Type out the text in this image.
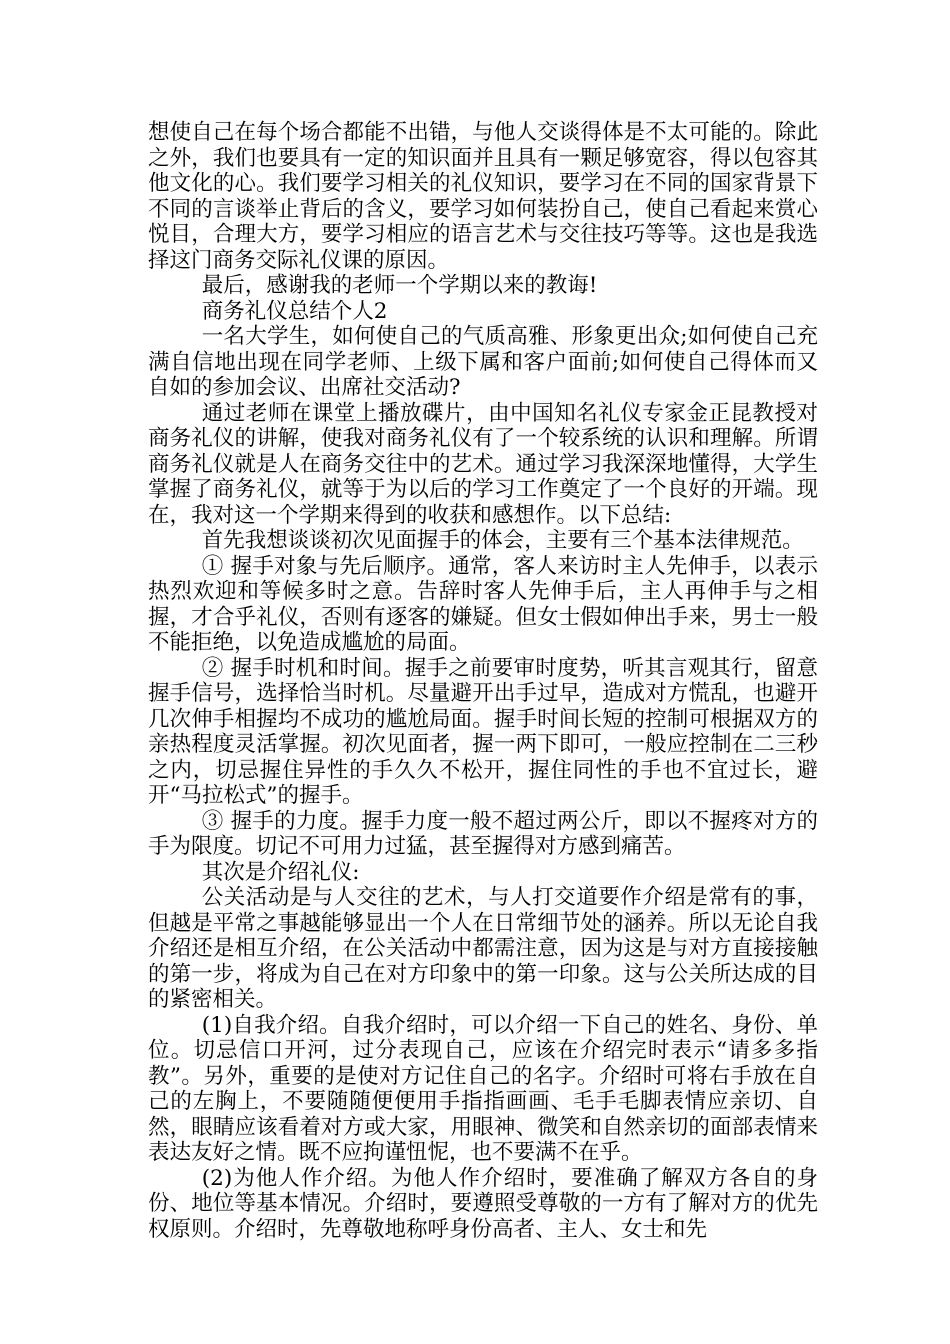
想使自己在每个场合都能不出错，与他人交谈得体是不太可能的。除此之外，我们也要具有一定的知识面并且具有一颗足够宽容，得以包容其他文化的心。我们要学习相关的礼仪知识，要学习在不同的国家背景下不同的言谈举止背后的含义，要学习如何装扮自己，使自己看起来赏心悦目，合理大方，要学习相应的语言艺术与交往技巧等等。这也是我选择这门商务交际礼仪课的原因。

最后，感谢我的老师一个学期以来的教诲!

商务礼仪总结个人2

一名大学生，如何使自己的气质高雅、形象更出众;如何使自己充满自信地出现在同学老师、上级下属和客户面前;如何使自己得体而又自如的参加会议、出席社交活动?

通过老师在课堂上播放碟片，由中国知名礼仪专家金正昆教授对商务礼仪的讲解，使我对商务礼仪有了一个较系统的认识和理解。所谓商务礼仪就是人在商务交往中的艺术。通过学习我深深地懂得，大学生掌握了商务礼仪，就等于为以后的学习工作奠定了一个良好的开端。现在，我对这一个学期来得到的收获和感想作。以下总结:

首先我想谈谈初次见面握手的体会，主要有三个基本法律规范。

① 握手对象与先后顺序。通常，客人来访时主人先伸手，以表示热烈欢迎和等候多时之意。告辞时客人先伸手后，主人再伸手与之相握，才合乎礼仪，否则有逐客的嫌疑。但女士假如伸出手来，男士一般不能拒绝，以免造成尴尬的局面。

② 握手时机和时间。握手之前要审时度势，听其言观其行，留意握手信号，选择恰当时机。尽量避开出手过早，造成对方慌乱，也避开几次伸手相握均不成功的尴尬局面。握手时间长短的控制可根据双方的亲热程度灵活掌握。初次见面者，握一两下即可，一般应控制在二三秒之内，切忌握住异性的手久久不松开，握住同性的手也不宜过长，避开“马拉松式”的握手。

③ 握手的力度。握手力度一般不超过两公斤，即以不握疼对方的手为限度。切记不可用力过猛，甚至握得对方感到痛苦。

其次是介绍礼仪:

公关活动是与人交往的艺术，与人打交道要作介绍是常有的事，但越是平常之事越能够显出一个人在日常细节处的涵养。所以无论自我介绍还是相互介绍，在公关活动中都需注意，因为这是与对方直接接触的第一步，将成为自己在对方印象中的第一印象。这与公关所达成的目的紧密相关。

(1)自我介绍。自我介绍时，可以介绍一下自己的姓名、身份、单位。切忌信口开河，过分表现自己，应该在介绍完时表示“请多多指教”。另外，重要的是使对方记住自己的名字。介绍时可将右手放在自己的左胸上，不要随随便便用手指指画画、毛手毛脚表情应亲切、自然，眼睛应该看着对方或大家，用眼神、微笑和自然亲切的面部表情来表达友好之情。既不应拘谨忸怩，也不要满不在乎。

(2)为他人作介绍。为他人作介绍时，要准确了解双方各自的身份、地位等基本情况。介绍时，要遵照受尊敬的一方有了解对方的优先权原则。介绍时，先尊敬地称呼身份高者、主人、女士和先
